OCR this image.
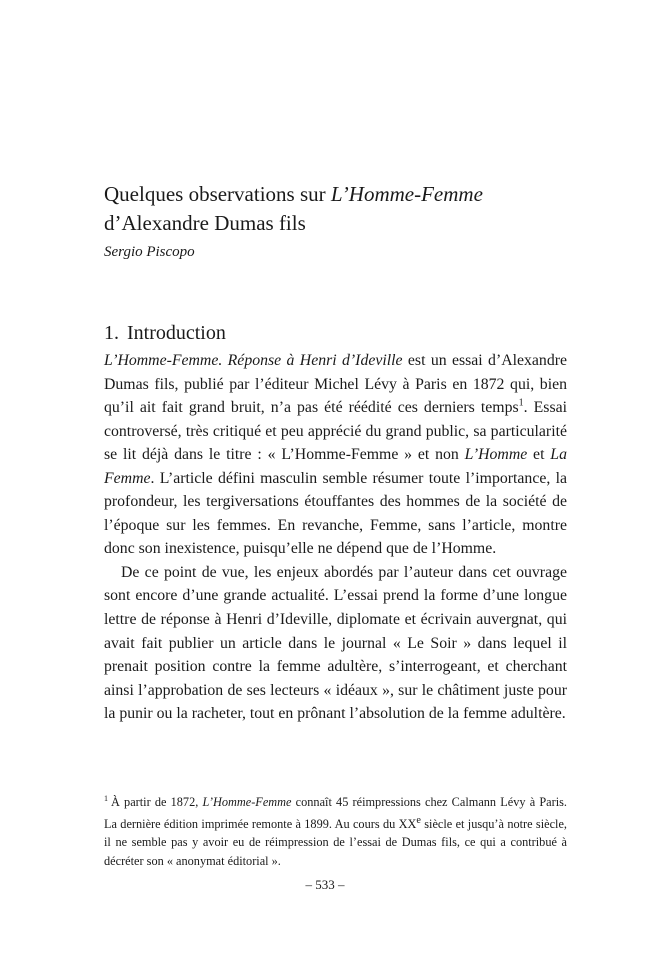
Quelques observations sur L’Homme-Femme
d’Alexandre Dumas fils

Sergio Piscopo

1. Introduction

L’Homme-Femme. Réponse à Henri d’Ideville est un essai d’Alexandre Dumas fils, publié par l’éditeur Michel Lévy à Paris en 1872 qui, bien qu’il ait fait grand bruit, n’a pas été réédité ces derniers temps$^1$. Essai controversé, très critiqué et peu apprécié du grand public, sa particularité se lit déjà dans le titre : « L’Homme-Femme » et non L’Homme et La Femme. L’article défini masculin semble résumer toute l’importance, la profondeur, les tergiversations étouffantes des hommes de la société de l’époque sur les femmes. En revanche, Femme, sans l’article, montre donc son inexistence, puisqu’elle ne dépend que de l’Homme.

De ce point de vue, les enjeux abordés par l’auteur dans cet ouvrage sont encore d’une grande actualité. L’essai prend la forme d’une longue lettre de réponse à Henri d’Ideville, diplomate et écrivain auvergnat, qui avait fait publier un article dans le journal « Le Soir » dans lequel il prenait position contre la femme adultère, s’interrogeant, et cherchant ainsi l’approbation de ses lecteurs « idéaux », sur le châtiment juste pour la punir ou la racheter, tout en prônant l’absolution de la femme adultère.

$^1$ À partir de 1872, L’Homme-Femme connaît 45 réimpressions chez Calmann Lévy à Paris. La dernière édition imprimée remonte à 1899. Au cours du XXe siècle et jusqu’à notre siècle, il ne semble pas y avoir eu de réimpression de l’essai de Dumas fils, ce qui a contribué à décréter son « anonymat éditorial ».

– 533 –
